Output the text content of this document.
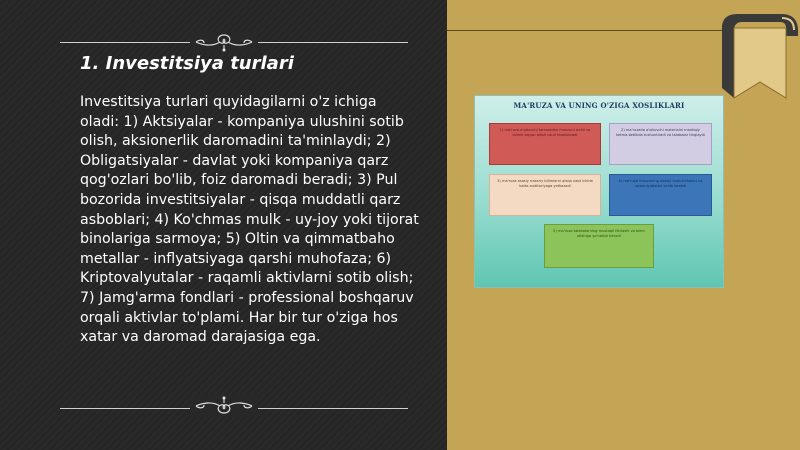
1. Investitsiya turlari

Investitsiya turlari quyidagilarni o'z ichiga oladi: 1) Aktsiyalar - kompaniya ulushini sotib olish, aksionerlik daromadini ta'minlaydi; 2) Obligatsiyalar - davlat yoki kompaniya qarz qog'ozlari bo'lib, foiz daromadi beradi; 3) Pul bozorida investitsiyalar - qisqa muddatli qarz asboblari; 4) Ko'chmas mulk - uy-joy yoki tijorat binolariga sarmoya; 5) Oltin va qimmatbaho metallar - inflyatsiyaga qarshi muhofaza; 6) Kriptovalyutalar - raqamli aktivlarni sotib olish; 7) Jamg'arma fondlari - professional boshqaruv orqali aktivlar to'plami. Har bir tur o'ziga hos xatar va daromad darajasiga ega.

MA'RUZA VA UNING O'ZIGA XOSLIKLARI
1) ma'ruza o'qituvchi tomonidan mavzuni izchil va tizimli bayon qilish usuli hisoblanadi
2) ma'ruzada o'qituvchi materialni mantiqiy ketma-ketlikda tushuntiradi va talabalar tinglaydi
3) ma'ruza asosiy nazariy bilimlarni qisqa vaqt ichida katta auditoriyaga yetkazadi
4) ma'ruza mavzuning asosiy tushunchalari va qonuniyatlarini ochib beradi
5) ma'ruza talabalarning mustaqil fikrlashi va bilim olishiga yo'nalish beradi
